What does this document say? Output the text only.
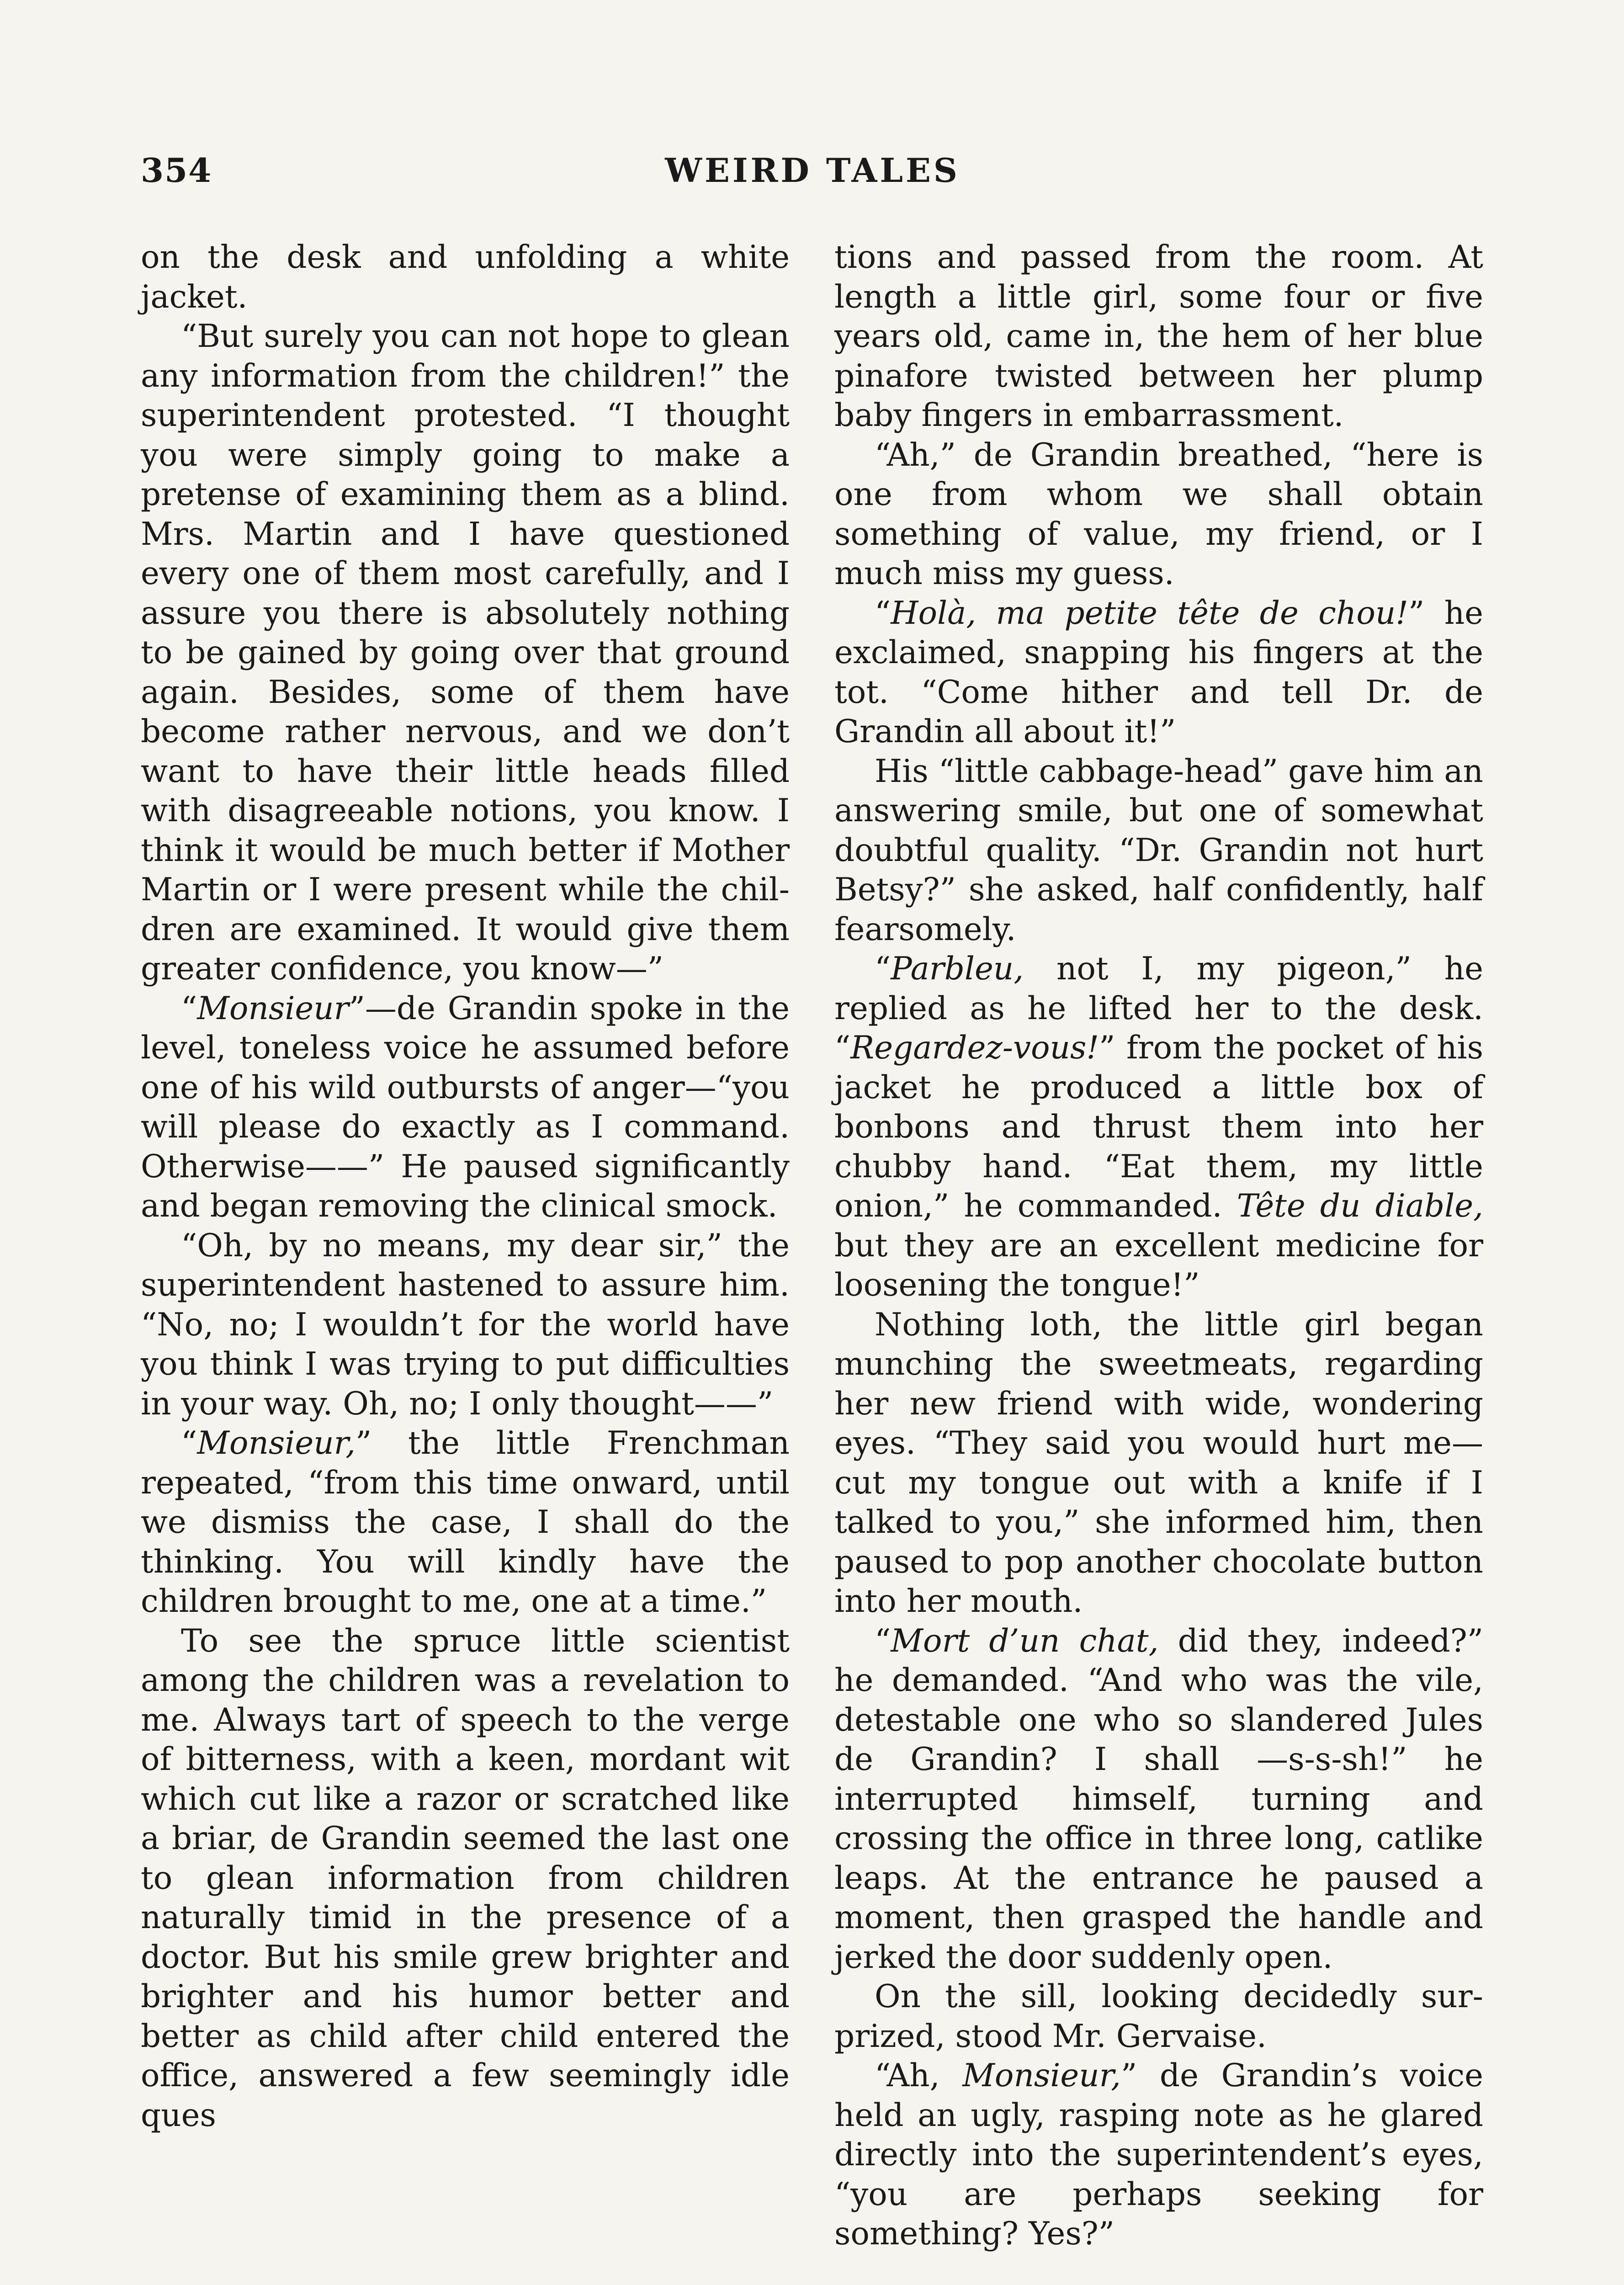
354	WEIRD TALES

on the desk and unfolding a white jacket.

“But surely you can not hope to glean any information from the children!” the superintendent protested. “I thought you were simply going to make a pretense of examining them as a blind. Mrs. Martin and I have questioned every one of them most carefully, and I assure you there is absolutely nothing to be gained by going over that ground again. Besides, some of them have become rather nervous, and we don’t want to have their little heads filled with disagreeable notions, you know. I think it would be much better if Mother Martin or I were present while the children are examined. It would give them greater confidence, you know—”

“Monsieur”—de Grandin spoke in the level, toneless voice he assumed before one of his wild outbursts of anger—“you will please do exactly as I command. Otherwise——” He paused significantly and began removing the clinical smock.

“Oh, by no means, my dear sir,” the superintendent hastened to assure him. “No, no; I wouldn’t for the world have you think I was trying to put difficulties in your way. Oh, no; I only thought——”

“Monsieur,” the little Frenchman repeated, “from this time onward, until we dismiss the case, I shall do the thinking. You will kindly have the children brought to me, one at a time.”

To see the spruce little scientist among the children was a revelation to me. Always tart of speech to the verge of bitterness, with a keen, mordant wit which cut like a razor or scratched like a briar, de Grandin seemed the last one to glean information from children naturally timid in the presence of a doctor. But his smile grew brighter and brighter and his humor better and better as child after child entered the office, answered a few seemingly idle ques

tions and passed from the room. At length a little girl, some four or five years old, came in, the hem of her blue pinafore twisted between her plump baby fingers in embarrassment.

“Ah,” de Grandin breathed, “here is one from whom we shall obtain something of value, my friend, or I much miss my guess.

“Holà, ma petite tête de chou!” he exclaimed, snapping his fingers at the tot. “Come hither and tell Dr. de Grandin all about it!”

His “little cabbage-head” gave him an answering smile, but one of somewhat doubtful quality. “Dr. Grandin not hurt Betsy?” she asked, half confidently, half fearsomely.

“Parbleu, not I, my pigeon,” he replied as he lifted her to the desk. “Regardez-vous!” from the pocket of his jacket he produced a little box of bonbons and thrust them into her chubby hand. “Eat them, my little onion,” he commanded. Tête du diable, but they are an excellent medicine for loosening the tongue!”

Nothing loth, the little girl began munching the sweetmeats, regarding her new friend with wide, wondering eyes. “They said you would hurt me—cut my tongue out with a knife if I talked to you,” she informed him, then paused to pop another chocolate button into her mouth.

“Mort d’un chat, did they, indeed?” he demanded. “And who was the vile, detestable one who so slandered Jules de Grandin? I shall —s-s-sh!” he interrupted himself, turning and crossing the office in three long, catlike leaps. At the entrance he paused a moment, then grasped the handle and jerked the door suddenly open.

On the sill, looking decidedly surprized, stood Mr. Gervaise.

“Ah, Monsieur,” de Grandin’s voice held an ugly, rasping note as he glared directly into the superintendent’s eyes, “you are perhaps seeking for something? Yes?”
